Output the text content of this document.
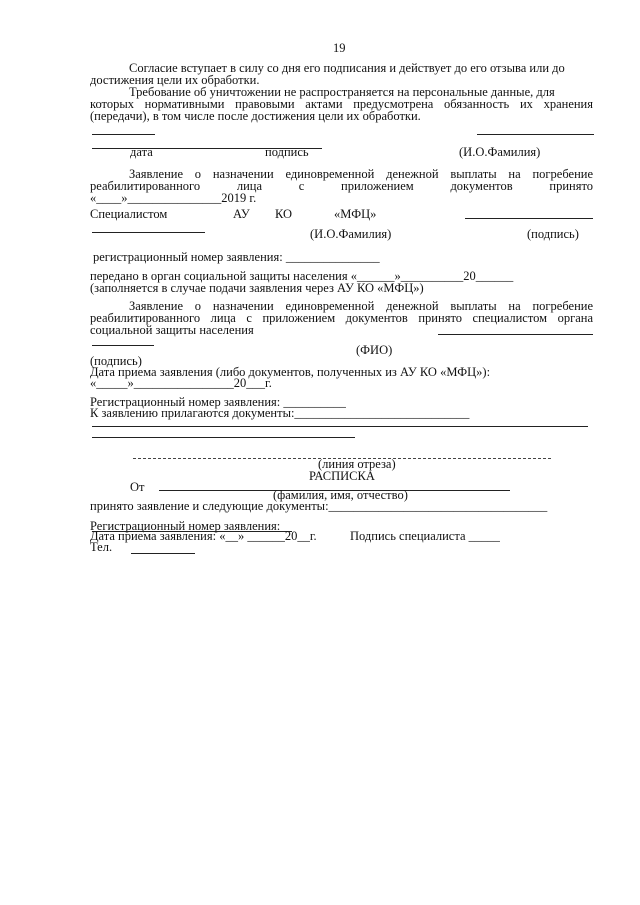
19
Согласие вступает в силу со дня его подписания и действует до его отзыва или до
достижения цели их обработки.
Требование об уничтожении не распространяется на персональные данные, для
которых нормативными правовыми актами предусмотрена обязанность их хранения
(передачи), в том числе после достижения цели их обработки.
дата	подпись	(И.О.Фамилия)
Заявление о назначении единовременной денежной выплаты на погребение
реабилитированного лица с приложением документов принято
«____»_______________2019 г.
Специалистом	АУ КО	«МФЦ»
(И.О.Фамилия)	(подпись)
регистрационный номер заявления: _______________
передано в орган социальной защиты населения «______»__________20______
(заполняется в случае подачи заявления через АУ КО «МФЦ»)
Заявление о назначении единовременной денежной выплаты на погребение
реабилитированного лица с приложением документов принято специалистом органа
социальной защиты населения
(ФИО)
(подпись)
Дата приема заявления (либо документов, полученных из АУ КО «МФЦ»):
«_____»________________20___г.
Регистрационный номер заявления: __________
К заявлению прилагаются документы:____________________________
(линия отреза)
РАСПИСКА
От
(фамилия, имя, отчество)
принято заявление и следующие документы:___________________________________
Регистрационный номер заявления:
Дата приема заявления: «__» ______20__г.	Подпись специалиста _____
Тел.
